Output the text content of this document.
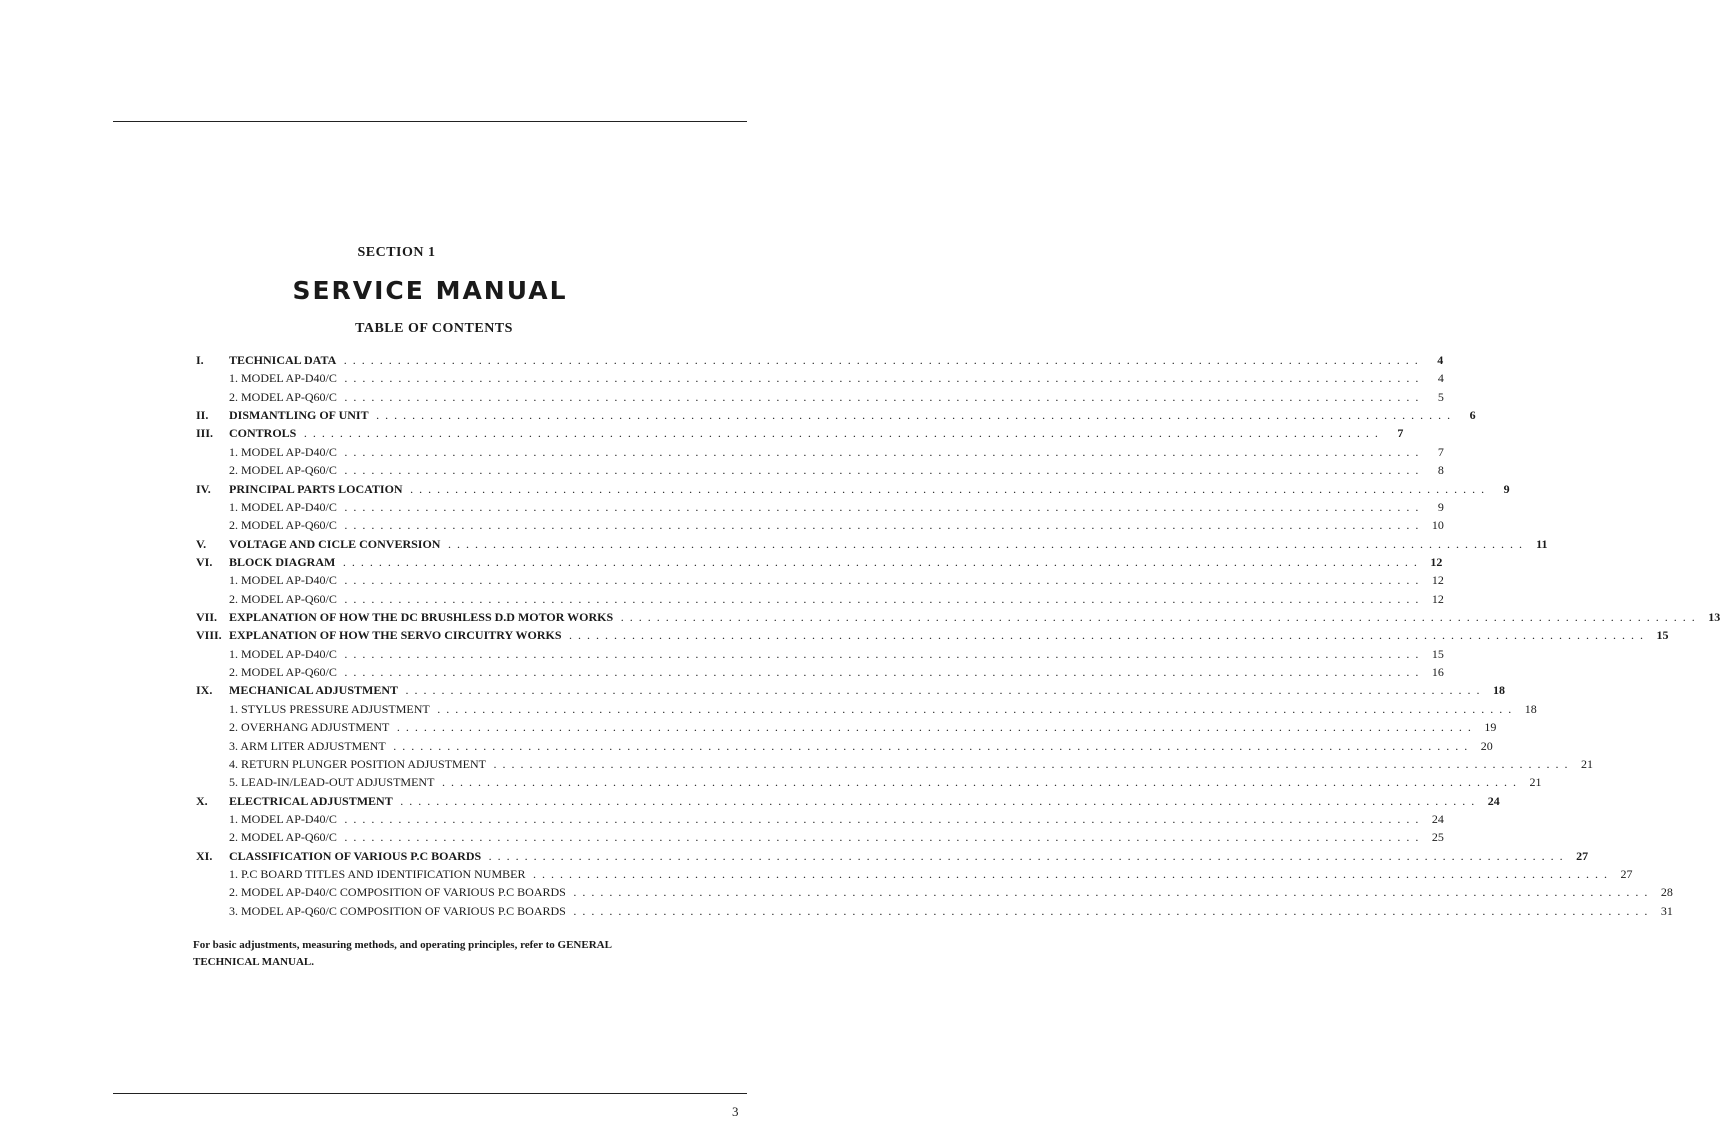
SECTION 1
SERVICE MANUAL
TABLE OF CONTENTS
I. TECHNICAL DATA . . . . . . . . . . . . . . . . . . . . . . . . . . . . . . . . . . . . . . . . . . . . . . . . . . . . . . . . . . . . . . . . . . . . . . . . . . . . . . . . . . . . . . . . . . . . . . . . . . . . . . . . . . . . . . . . . . . . . . . .	4
1. MODEL AP-D40/C . . . . . . . . . . . . . . . . . . . . . . . . . . . . . . . . . . . . . . . . . . . . . . . . . . . . . . . . . . . . . . . . . . . . . . . . . . . . . . . . . . . . . . . . . . . . . . . . . . . . . . . . . . . . . . . . . . . . . . . .	4
2. MODEL AP-Q60/C . . . . . . . . . . . . . . . . . . . . . . . . . . . . . . . . . . . . . . . . . . . . . . . . . . . . . . . . . . . . . . . . . . . . . . . . . . . . . . . . . . . . . . . . . . . . . . . . . . . . . . . . . . . . . . . . . . . . . . . .	5
II. DISMANTLING OF UNIT . . . . . . . . . . . . . . . . . . . . . . . . . . . . . . . . . . . . . . . . . . . . . . . . . . . . . . . . . . . . . . . . . . . . . . . . . . . . . . . . . . . . . . . . . . . . . . . . . . . . . . . . . . . . . . . . . . . . . . . .	6
III. CONTROLS . . . . . . . . . . . . . . . . . . . . . . . . . . . . . . . . . . . . . . . . . . . . . . . . . . . . . . . . . . . . . . . . . . . . . . . . . . . . . . . . . . . . . . . . . . . . . . . . . . . . . . . . . . . . . . . . . . . . . . . .	7
1. MODEL AP-D40/C . . . . . . . . . . . . . . . . . . . . . . . . . . . . . . . . . . . . . . . . . . . . . . . . . . . . . . . . . . . . . . . . . . . . . . . . . . . . . . . . . . . . . . . . . . . . . . . . . . . . . . . . . . . . . . . . . . . . . . . .	7
2. MODEL AP-Q60/C . . . . . . . . . . . . . . . . . . . . . . . . . . . . . . . . . . . . . . . . . . . . . . . . . . . . . . . . . . . . . . . . . . . . . . . . . . . . . . . . . . . . . . . . . . . . . . . . . . . . . . . . . . . . . . . . . . . . . . . .	8
IV. PRINCIPAL PARTS LOCATION . . . . . . . . . . . . . . . . . . . . . . . . . . . . . . . . . . . . . . . . . . . . . . . . . . . . . . . . . . . . . . . . . . . . . . . . . . . . . . . . . . . . . . . . . . . . . . . . . . . . . . . . . . . . . . . . . . . . . . . .	9
1. MODEL AP-D40/C . . . . . . . . . . . . . . . . . . . . . . . . . . . . . . . . . . . . . . . . . . . . . . . . . . . . . . . . . . . . . . . . . . . . . . . . . . . . . . . . . . . . . . . . . . . . . . . . . . . . . . . . . . . . . . . . . . . . . . . .	9
2. MODEL AP-Q60/C . . . . . . . . . . . . . . . . . . . . . . . . . . . . . . . . . . . . . . . . . . . . . . . . . . . . . . . . . . . . . . . . . . . . . . . . . . . . . . . . . . . . . . . . . . . . . . . . . . . . . . . . . . . . . . . . . . . . . . . .	10
V. VOLTAGE AND CICLE CONVERSION . . . . . . . . . . . . . . . . . . . . . . . . . . . . . . . . . . . . . . . . . . . . . . . . . . . . . . . . . . . . . . . . . . . . . . . . . . . . . . . . . . . . . . . . . . . . . . . . . . . . . . . . . . . . . . . . . . . . . . . .	11
VI. BLOCK DIAGRAM . . . . . . . . . . . . . . . . . . . . . . . . . . . . . . . . . . . . . . . . . . . . . . . . . . . . . . . . . . . . . . . . . . . . . . . . . . . . . . . . . . . . . . . . . . . . . . . . . . . . . . . . . . . . . . . . . . . . . . . .	12
1. MODEL AP-D40/C . . . . . . . . . . . . . . . . . . . . . . . . . . . . . . . . . . . . . . . . . . . . . . . . . . . . . . . . . . . . . . . . . . . . . . . . . . . . . . . . . . . . . . . . . . . . . . . . . . . . . . . . . . . . . . . . . . . . . . . .	12
2. MODEL AP-Q60/C . . . . . . . . . . . . . . . . . . . . . . . . . . . . . . . . . . . . . . . . . . . . . . . . . . . . . . . . . . . . . . . . . . . . . . . . . . . . . . . . . . . . . . . . . . . . . . . . . . . . . . . . . . . . . . . . . . . . . . . .	12
VII. EXPLANATION OF HOW THE DC BRUSHLESS D.D MOTOR WORKS . . . . . . . . . . . . . . . . . . . . . . . . . . . . . . . . . . . . . . . . . . . . . . . . . . . . . . . . . . . . . . . . . . . . . . . . . . . . . . . . . . . . . . . . . . . . . . . . . . . . . . . . . . . . . . . . . . . . . . . .	13
VIII. EXPLANATION OF HOW THE SERVO CIRCUITRY WORKS . . . . . . . . . . . . . . . . . . . . . . . . . . . . . . . . . . . . . . . . . . . . . . . . . . . . . . . . . . . . . . . . . . . . . . . . . . . . . . . . . . . . . . . . . . . . . . . . . . . . . . . . . . . . . . . . . . . . . . . .	15
1. MODEL AP-D40/C . . . . . . . . . . . . . . . . . . . . . . . . . . . . . . . . . . . . . . . . . . . . . . . . . . . . . . . . . . . . . . . . . . . . . . . . . . . . . . . . . . . . . . . . . . . . . . . . . . . . . . . . . . . . . . . . . . . . . . . .	15
2. MODEL AP-Q60/C . . . . . . . . . . . . . . . . . . . . . . . . . . . . . . . . . . . . . . . . . . . . . . . . . . . . . . . . . . . . . . . . . . . . . . . . . . . . . . . . . . . . . . . . . . . . . . . . . . . . . . . . . . . . . . . . . . . . . . . .	16
IX. MECHANICAL ADJUSTMENT . . . . . . . . . . . . . . . . . . . . . . . . . . . . . . . . . . . . . . . . . . . . . . . . . . . . . . . . . . . . . . . . . . . . . . . . . . . . . . . . . . . . . . . . . . . . . . . . . . . . . . . . . . . . . . . . . . . . . . . .	18
1. STYLUS PRESSURE ADJUSTMENT . . . . . . . . . . . . . . . . . . . . . . . . . . . . . . . . . . . . . . . . . . . . . . . . . . . . . . . . . . . . . . . . . . . . . . . . . . . . . . . . . . . . . . . . . . . . . . . . . . . . . . . . . . . . . . . . . . . . . . . .	18
2. OVERHANG ADJUSTMENT . . . . . . . . . . . . . . . . . . . . . . . . . . . . . . . . . . . . . . . . . . . . . . . . . . . . . . . . . . . . . . . . . . . . . . . . . . . . . . . . . . . . . . . . . . . . . . . . . . . . . . . . . . . . . . . . . . . . . . . .	19
3. ARM LITER ADJUSTMENT . . . . . . . . . . . . . . . . . . . . . . . . . . . . . . . . . . . . . . . . . . . . . . . . . . . . . . . . . . . . . . . . . . . . . . . . . . . . . . . . . . . . . . . . . . . . . . . . . . . . . . . . . . . . . . . . . . . . . . . .	20
4. RETURN PLUNGER POSITION ADJUSTMENT . . . . . . . . . . . . . . . . . . . . . . . . . . . . . . . . . . . . . . . . . . . . . . . . . . . . . . . . . . . . . . . . . . . . . . . . . . . . . . . . . . . . . . . . . . . . . . . . . . . . . . . . . . . . . . . . . . . . . . . .	21
5. LEAD-IN/LEAD-OUT ADJUSTMENT . . . . . . . . . . . . . . . . . . . . . . . . . . . . . . . . . . . . . . . . . . . . . . . . . . . . . . . . . . . . . . . . . . . . . . . . . . . . . . . . . . . . . . . . . . . . . . . . . . . . . . . . . . . . . . . . . . . . . . . .	21
X. ELECTRICAL ADJUSTMENT . . . . . . . . . . . . . . . . . . . . . . . . . . . . . . . . . . . . . . . . . . . . . . . . . . . . . . . . . . . . . . . . . . . . . . . . . . . . . . . . . . . . . . . . . . . . . . . . . . . . . . . . . . . . . . . . . . . . . . . .	24
1. MODEL AP-D40/C . . . . . . . . . . . . . . . . . . . . . . . . . . . . . . . . . . . . . . . . . . . . . . . . . . . . . . . . . . . . . . . . . . . . . . . . . . . . . . . . . . . . . . . . . . . . . . . . . . . . . . . . . . . . . . . . . . . . . . . .	24
2. MODEL AP-Q60/C . . . . . . . . . . . . . . . . . . . . . . . . . . . . . . . . . . . . . . . . . . . . . . . . . . . . . . . . . . . . . . . . . . . . . . . . . . . . . . . . . . . . . . . . . . . . . . . . . . . . . . . . . . . . . . . . . . . . . . . .	25
XI. CLASSIFICATION OF VARIOUS P.C BOARDS . . . . . . . . . . . . . . . . . . . . . . . . . . . . . . . . . . . . . . . . . . . . . . . . . . . . . . . . . . . . . . . . . . . . . . . . . . . . . . . . . . . . . . . . . . . . . . . . . . . . . . . . . . . . . . . . . . . . . . . .	27
1. P.C BOARD TITLES AND IDENTIFICATION NUMBER . . . . . . . . . . . . . . . . . . . . . . . . . . . . . . . . . . . . . . . . . . . . . . . . . . . . . . . . . . . . . . . . . . . . . . . . . . . . . . . . . . . . . . . . . . . . . . . . . . . . . . . . . . . . . . . . . . . . . . . .	27
2. MODEL AP-D40/C COMPOSITION OF VARIOUS P.C BOARDS . . . . . . . . . . . . . . . . . . . . . . . . . . . . . . . . . . . . . . . . . . . . . . . . . . . . . . . . . . . . . . . . . . . . . . . . . . . . . . . . . . . . . . . . . . . . . . . . . . . . . . . . . . . . . . . . . . . . . . . .	28
3. MODEL AP-Q60/C COMPOSITION OF VARIOUS P.C BOARDS . . . . . . . . . . . . . . . . . . . . . . . . . . . . . . . . . . . . . . . . . . . . . . . . . . . . . . . . . . . . . . . . . . . . . . . . . . . . . . . . . . . . . . . . . . . . . . . . . . . . . . . . . . . . . . . . . . . . . . . .	31
For basic adjustments, measuring methods, and operating principles, refer to GENERAL TECHNICAL MANUAL.
3
